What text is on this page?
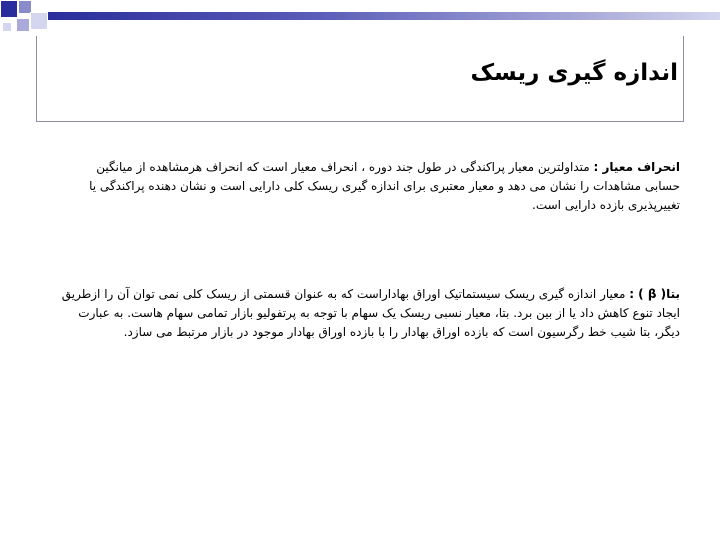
اندازه گیری ریسک
انحراف معیار : متداولترین معیار پراکندگی در طول جند دوره ، انحراف معیار است که انحراف هرمشاهده از میانگین حسابی مشاهدات را نشان می دهد و معیار معتبری برای اندازه گیری ریسک کلی دارایی است و نشان دهنده پراکندگی یا تغییرپذیری بازده دارایی است.
بتا( β ) : معیار اندازه گیری ریسک سیستماتیک اوراق بهاداراست که به عنوان قسمتی از ریسک کلی نمی توان آن را ازطریق ایجاد تنوع کاهش داد یا از بین برد. بتا، معیار نسبی ریسک یک سهام با توجه به پرتفولیو بازار تمامی سهام هاست. به عبارت دیگر، بتا شیب خط رگرسیون است که بازده اوراق بهادار را با بازده اوراق بهادار موجود در بازار مرتبط می سازد.
